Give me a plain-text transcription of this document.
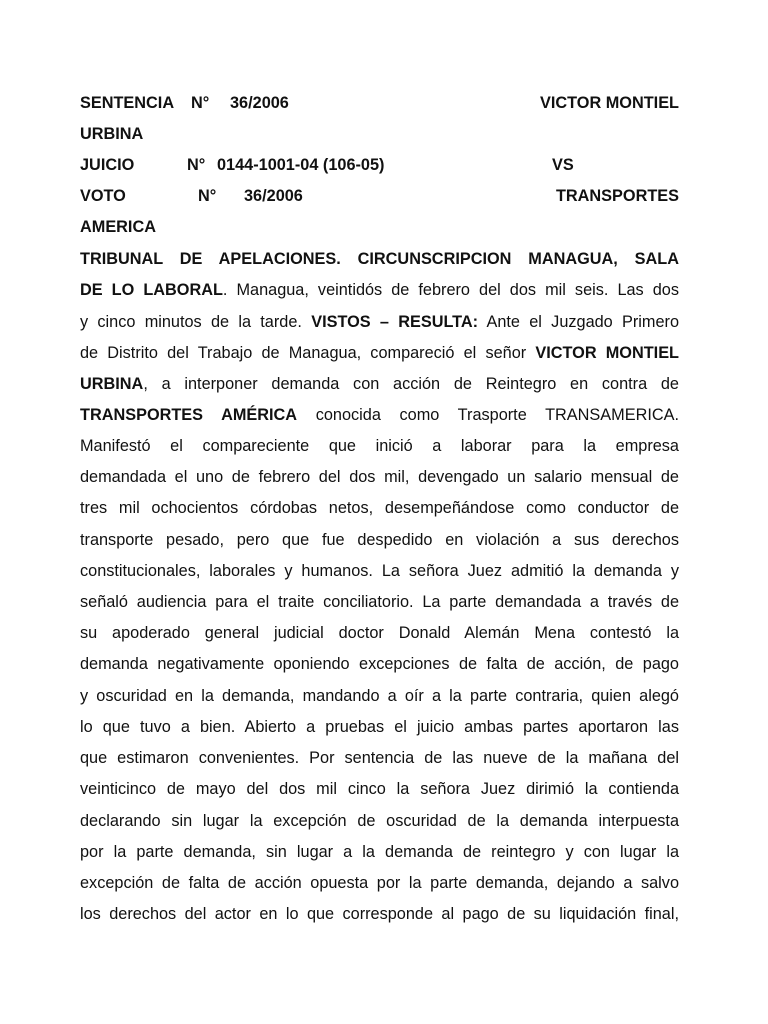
SENTENCIA N° 36/2006	VICTOR MONTIEL
URBINA
JUICIO	N° 0144-1001-04 (106-05)	VS
VOTO	N° 36/2006	TRANSPORTES
AMERICA
TRIBUNAL DE APELACIONES. CIRCUNSCRIPCION MANAGUA, SALA
DE LO LABORAL. Managua, veintidós de febrero del dos mil seis. Las dos
y cinco minutos de la tarde. VISTOS – RESULTA: Ante el Juzgado Primero
de Distrito del Trabajo de Managua, compareció el señor VICTOR MONTIEL
URBINA, a interponer demanda con acción de Reintegro en contra de
TRANSPORTES AMÉRICA conocida como Trasporte TRANSAMERICA.
Manifestó el compareciente que inició a laborar para la empresa
demandada el uno de febrero del dos mil, devengado un salario mensual de
tres mil ochocientos córdobas netos, desempeñándose como conductor de
transporte pesado, pero que fue despedido en violación a sus derechos
constitucionales, laborales y humanos. La señora Juez admitió la demanda y
señaló audiencia para el traite conciliatorio. La parte demandada a través de
su apoderado general judicial doctor Donald Alemán Mena contestó la
demanda negativamente oponiendo excepciones de falta de acción, de pago
y oscuridad en la demanda, mandando a oír a la parte contraria, quien alegó
lo que tuvo a bien. Abierto a pruebas el juicio ambas partes aportaron las
que estimaron convenientes. Por sentencia de las nueve de la mañana del
veinticinco de mayo del dos mil cinco la señora Juez dirimió la contienda
declarando sin lugar la excepción de oscuridad de la demanda interpuesta
por la parte demanda, sin lugar a la demanda de reintegro y con lugar la
excepción de falta de acción opuesta por la parte demanda, dejando a salvo
los derechos del actor en lo que corresponde al pago de su liquidación final,
